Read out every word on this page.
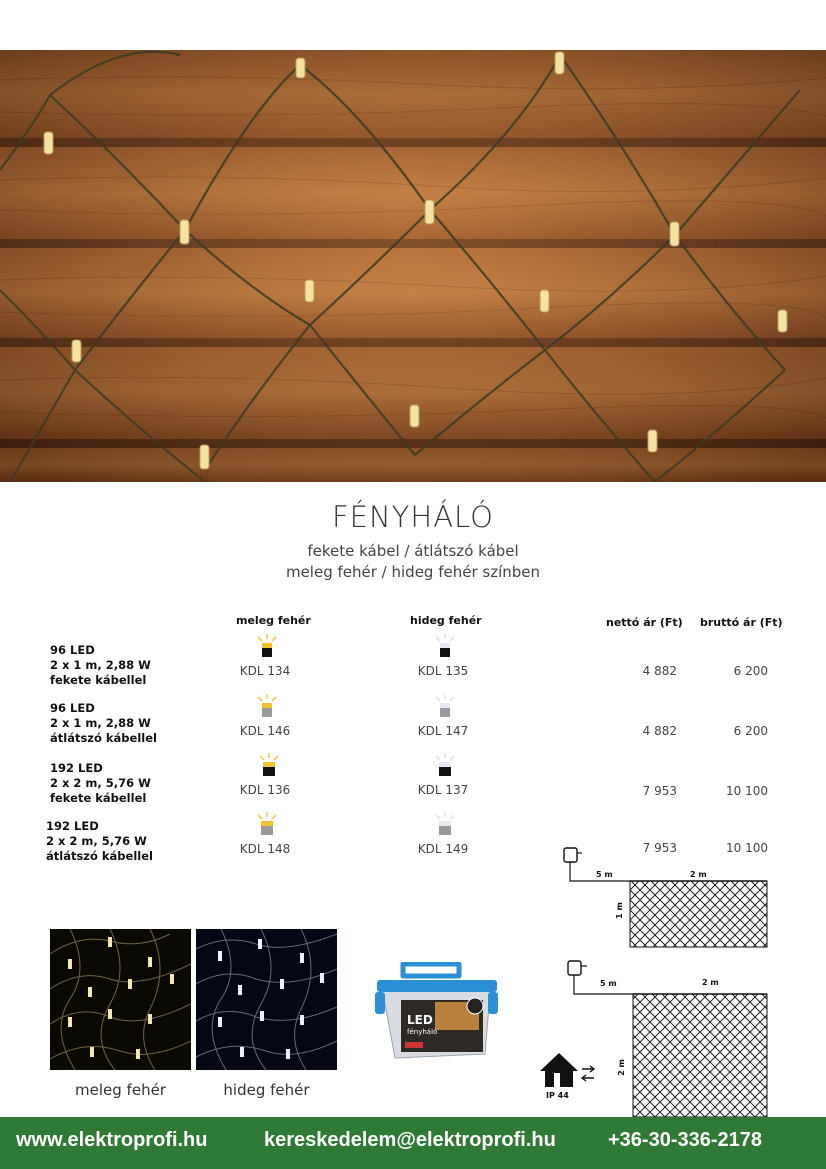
FÉNYHÁLÓ
fekete kábel / átlátszó kábel
meleg fehér / hideg fehér színben
meleg fehér	hideg fehér	nettó ár (Ft) bruttó ár (Ft)
96 LED
2 x 1 m, 2,88 W
fekete kábellel
KDL 134	KDL 135	4 882	6 200
96 LED
2 x 1 m, 2,88 W
átlátszó kábellel	KDL 146	KDL 147	4 882	6 200
192 LED
2 x 2 m, 5,76 W
fekete kábellel
KDL 136	KDL 137	7 953	10 100
192 LED
2 x 2 m, 5,76 W
átlátszó kábellel	KDL 148	KDL 149	7 953	10 100
5 m	2 m
1 m
5 m	2 m
2 m
IP 44
LED
fényháló
meleg fehér	hideg fehér
www.elektroprofi.hu	kereskedelem@elektroprofi.hu	+36-30-336-2178
